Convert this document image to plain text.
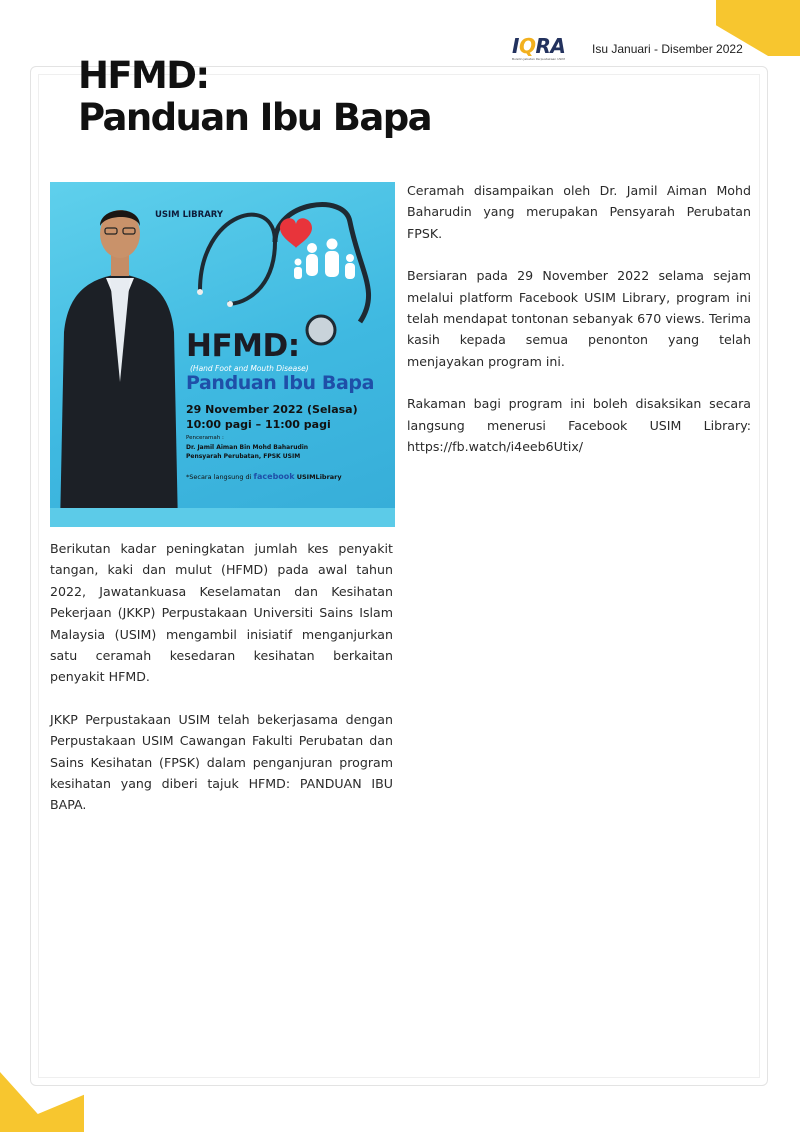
IQRA
Buletin Jabatan Perpustakaan USIM
Isu Januari - Disember 2022
HFMD:
Panduan Ibu Bapa
USIM LIBRARY
HFMD:
(Hand Foot and Mouth Disease)
Panduan Ibu Bapa
29 November 2022 (Selasa)
10:00 pagi – 11:00 pagi
Penceramah :
Dr. Jamil Aiman Bin Mohd Baharudin
Pensyarah Perubatan, FPSK USIM
*Secara langsung di facebook USIMLibrary

Berikutan kadar peningkatan jumlah kes penyakit tangan, kaki dan mulut (HFMD) pada awal tahun 2022, Jawatankuasa Keselamatan dan Kesihatan Pekerjaan (JKKP) Perpustakaan Universiti Sains Islam Malaysia (USIM) mengambil inisiatif menganjurkan satu ceramah kesedaran kesihatan berkaitan penyakit HFMD.

JKKP Perpustakaan USIM telah bekerjasama dengan Perpustakaan USIM Cawangan Fakulti Perubatan dan Sains Kesihatan (FPSK) dalam penganjuran program kesihatan yang diberi tajuk HFMD: PANDUAN IBU BAPA.

Ceramah disampaikan oleh Dr. Jamil Aiman Mohd Baharudin yang merupakan Pensyarah Perubatan FPSK.

Bersiaran pada 29 November 2022 selama sejam melalui platform Facebook USIM Library, program ini telah mendapat tontonan sebanyak 670 views. Terima kasih kepada semua penonton yang telah menjayakan program ini.

Rakaman bagi program ini boleh disaksikan secara langsung menerusi Facebook USIM Library: https://fb.watch/i4eeb6Utix/
